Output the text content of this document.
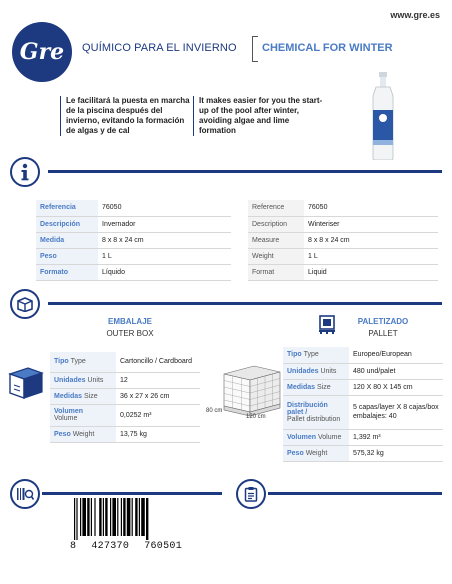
www.gre.es
Gre	QUÍMICO PARA EL INVIERNO CHEMICAL FOR WINTER
Le facilitará la puesta en marcha de la piscina después del invierno, evitando la formación de algas y de cal
It makes easier for you the start-up of the pool after winter, avoiding algae and lime formation
Referencia	76050
Descripción	Invernador
Medida	8 x 8 x 24 cm
Peso	1 L
Formato	Líquido
Reference	76050
Description	Winteriser
Measure	8 x 8 x 24 cm
Weight	1 L
Format	Liquid
EMBALAJE
OUTER BOX
Tipo Type	Cartoncillo / Cardboard
Unidades Units	12
Medidas Size	36 x 27 x 26 cm
Volumen
Volume	0,0252 m³
Peso Weight	13,75 kg
80 cm
120 cm
PALETIZADO
PALLET
Tipo Type	Europeo/European
Unidades Units	480 und/palet
Medidas Size	120 X 80 X 145 cm
Distribución palet /
Pallet distribution	5 capas/layer X 8 cajas/box embalajes: 40
Volumen Volume	1,392 m³
Peso Weight	575,32 kg
8 427370 760501
